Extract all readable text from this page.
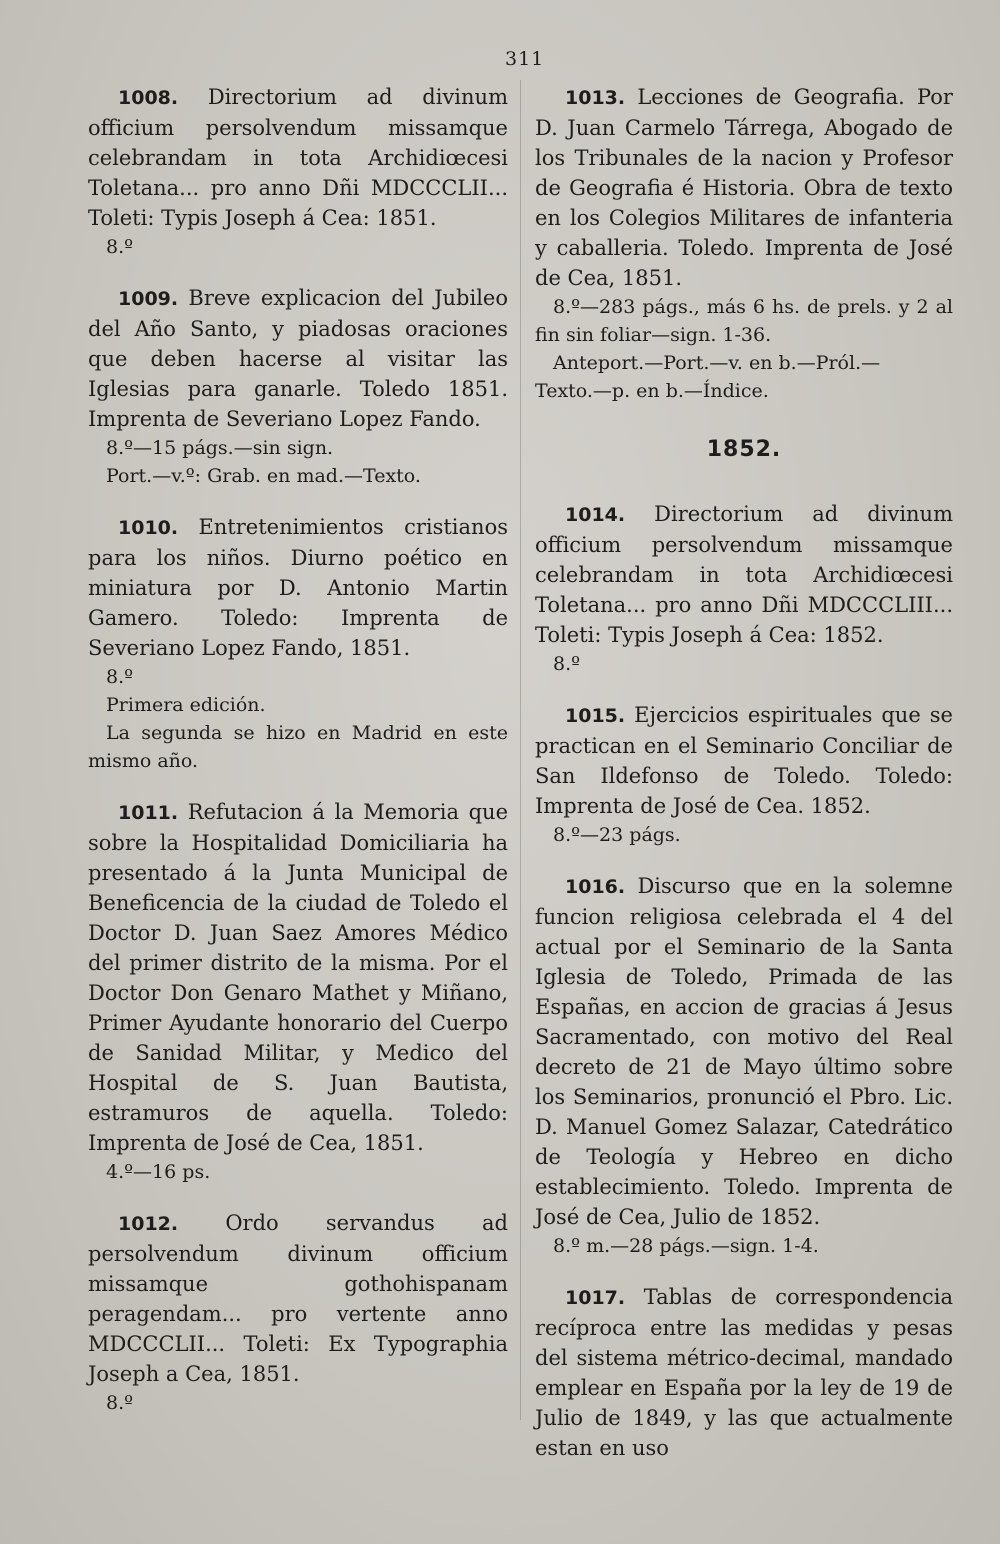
311

1008. Directorium ad divinum officium persolvendum missamque celebrandam in tota Archidiœcesi Toletana... pro anno Dñi MDCCCLII... Toleti: Typis Joseph á Cea: 1851.

8.º

1009. Breve explicacion del Jubileo del Año Santo, y piadosas oraciones que deben hacerse al visitar las Iglesias para ganarle. Toledo 1851. Imprenta de Severiano Lopez Fando.

8.º—15 págs.—sin sign.
Port.—v.º: Grab. en mad.—Texto.

1010. Entretenimientos cristianos para los niños. Diurno poético en miniatura por D. Antonio Martin Gamero. Toledo: Imprenta de Severiano Lopez Fando, 1851.

8.º
Primera edición.
La segunda se hizo en Madrid en este mismo año.

1011. Refutacion á la Memoria que sobre la Hospitalidad Domiciliaria ha presentado á la Junta Municipal de Beneficencia de la ciudad de Toledo el Doctor D. Juan Saez Amores Médico del primer distrito de la misma. Por el Doctor Don Genaro Mathet y Miñano, Primer Ayudante honorario del Cuerpo de Sanidad Militar, y Medico del Hospital de S. Juan Bautista, estramuros de aquella. Toledo: Imprenta de José de Cea, 1851.

4.º—16 ps.

1012. Ordo servandus ad persolvendum divinum officium missamque gothohispanam peragendam... pro vertente anno MDCCCLII... Toleti: Ex Typographia Joseph a Cea, 1851.

8.º

1013. Lecciones de Geografia. Por D. Juan Carmelo Tárrega, Abogado de los Tribunales de la nacion y Profesor de Geografia é Historia. Obra de texto en los Colegios Militares de infanteria y caballeria. Toledo. Imprenta de José de Cea, 1851.

8.º—283 págs., más 6 hs. de prels. y 2 al fin sin foliar—sign. 1-36.
Anteport.—Port.—v. en b.—Pról.—
Texto.—p. en b.—Índice.
1852.

1014. Directorium ad divinum officium persolvendum missamque celebrandam in tota Archidiœcesi Toletana... pro anno Dñi MDCCCLIII... Toleti: Typis Joseph á Cea: 1852.

8.º

1015. Ejercicios espirituales que se practican en el Seminario Conciliar de San Ildefonso de Toledo. Toledo: Imprenta de José de Cea. 1852.

8.º—23 págs.

1016. Discurso que en la solemne funcion religiosa celebrada el 4 del actual por el Seminario de la Santa Iglesia de Toledo, Primada de las Españas, en accion de gracias á Jesus Sacramentado, con motivo del Real decreto de 21 de Mayo último sobre los Seminarios, pronunció el Pbro. Lic. D. Manuel Gomez Salazar, Catedrático de Teología y Hebreo en dicho establecimiento. Toledo. Imprenta de José de Cea, Julio de 1852.

8.º m.—28 págs.—sign. 1-4.

1017. Tablas de correspondencia recíproca entre las medidas y pesas del sistema métrico-decimal, mandado emplear en España por la ley de 19 de Julio de 1849, y las que actualmente estan en uso
